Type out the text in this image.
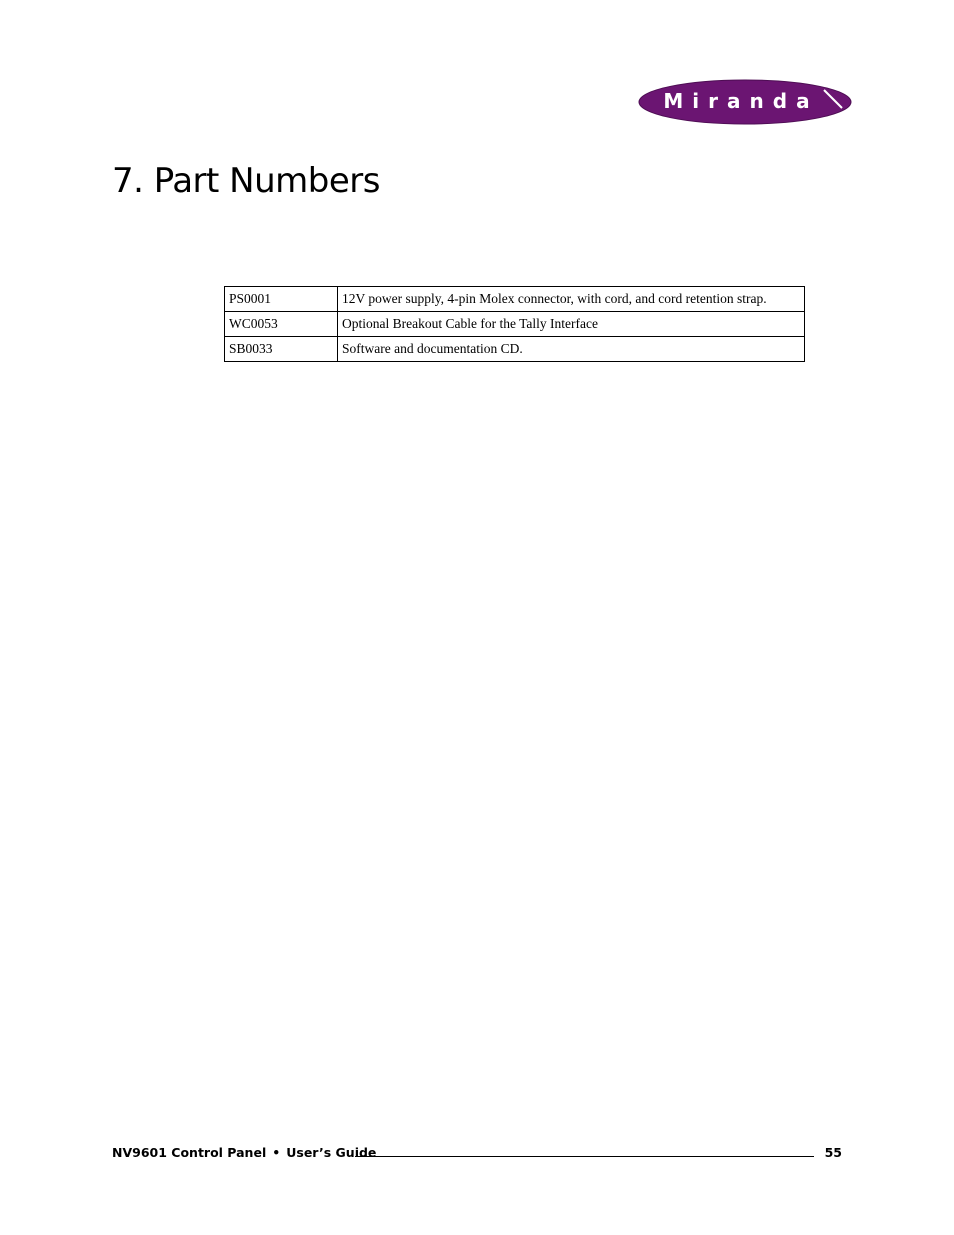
Miranda
7. Part Numbers
PS0001	12V power supply, 4-pin Molex connector, with cord, and cord retention strap.
WC0053	Optional Breakout Cable for the Tally Interface
SB0033	Software and documentation CD.
NV9601 Control Panel • User’s Guide	55
